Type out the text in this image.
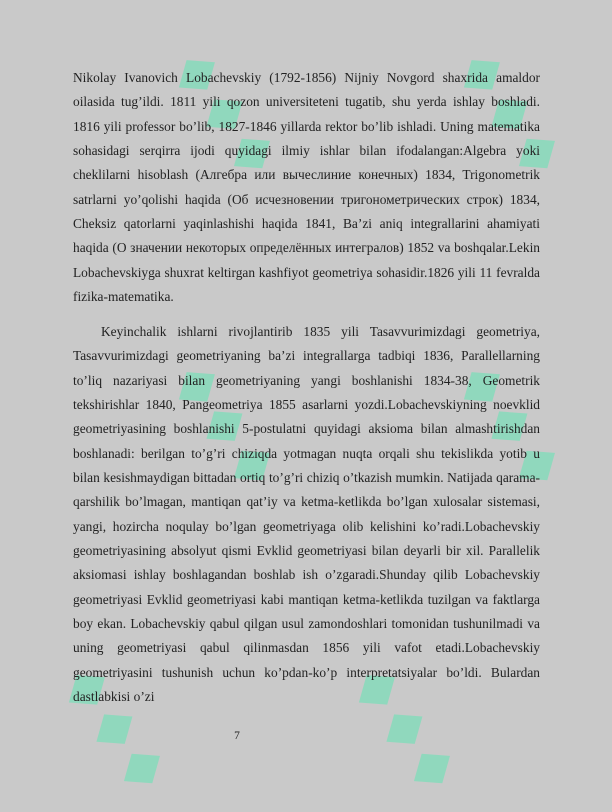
Nikolay Ivanovich Lobachevskiy (1792-1856) Nijniy Novgord shaxrida amaldor oilasida tug’ildi. 1811 yili qozon universiteteni tugatib, shu yerda ishlay boshladi. 1816 yili professor bo’lib, 1827-1846 yillarda rektor bo’lib ishladi. Uning matematika sohasidagi serqirra ijodi quyidagi ilmiy ishlar bilan ifodalangan:Algebra yoki cheklilarni hisoblash (Алгебра или вычеслиние конечных) 1834, Trigonometrik satrlarni yo’qolishi haqida (Об исчезновении тригонометрических строк) 1834, Cheksiz qatorlarni yaqinlashishi haqida 1841, Ba’zi aniq integrallarini ahamiyati haqida (О значении некоторых определённых интегралов) 1852 va boshqalar.Lekin Lobachevskiyga shuxrat keltirgan kashfiyot geometriya sohasidir.1826 yili 11 fevralda fizika-matematika.
Keyinchalik ishlarni rivojlantirib 1835 yili Tasavvurimizdagi geometriya, Tasavvurimizdagi geometriyaning ba’zi integrallarga tadbiqi 1836, Parallellarning to’liq nazariyasi bilan geometriyaning yangi boshlanishi 1834-38, Geometrik tekshirishlar 1840, Pangeometriya 1855 asarlarni yozdi.Lobachevskiyning noevklid geometriyasining boshlanishi 5-postulatni quyidagi aksioma bilan almashtirishdan boshlanadi: berilgan to’g’ri chiziqda yotmagan nuqta orqali shu tekislikda yotib u bilan kesishmaydigan bittadan ortiq to’g’ri chiziq o’tkazish mumkin. Natijada qarama-qarshilik bo’lmagan, mantiqan qat’iy va ketma-ketlikda bo’lgan xulosalar sistemasi, yangi, hozircha noqulay bo’lgan geometriyaga olib kelishini ko’radi.Lobachevskiy geometriyasining absolyut qismi Evklid geometriyasi bilan deyarli bir xil. Parallelik aksiomasi ishlay boshlagandan boshlab ish o’zgaradi.Shunday qilib Lobachevskiy geometriyasi Evklid geometriyasi kabi mantiqan ketma-ketlikda tuzilgan va faktlarga boy ekan. Lobachevskiy qabul qilgan usul zamondoshlari tomonidan tushunilmadi va uning geometriyasi qabul qilinmasdan 1856 yili vafot etadi.Lobachevskiy geometriyasini tushunish uchun ko’pdan-ko’p interpretatsiyalar bo’ldi. Bulardan dastlabkisi o’zi
7
